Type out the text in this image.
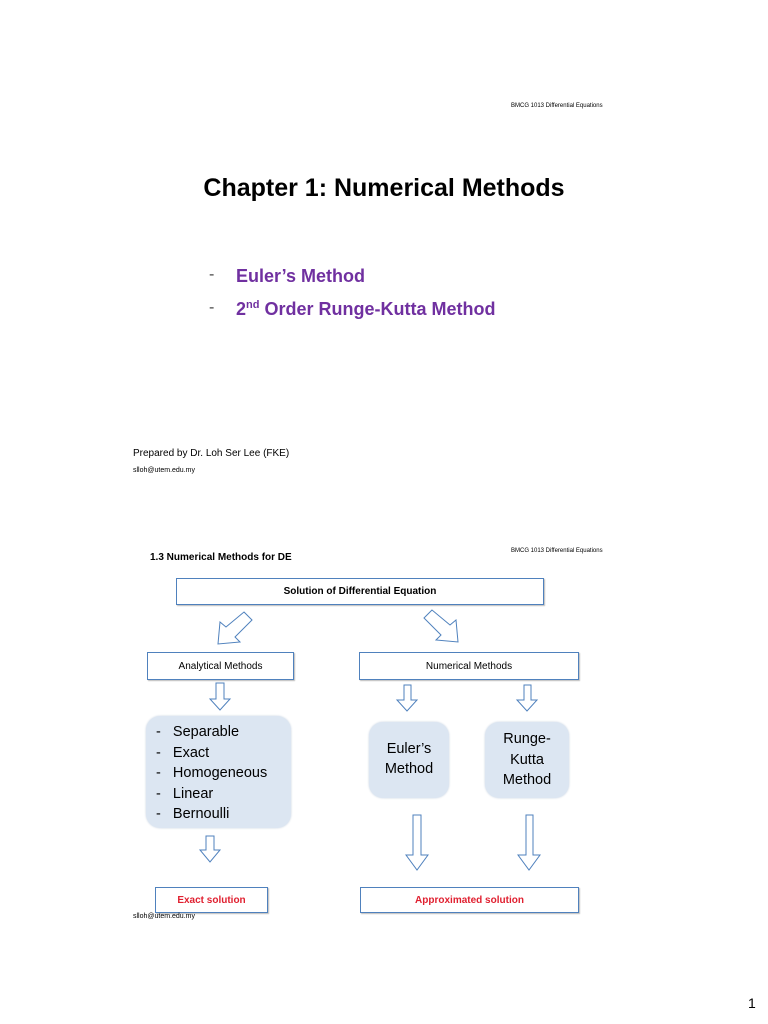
BMCG 1013 Differential Equations
Chapter 1: Numerical Methods
- Euler’s Method
- 2nd Order Runge-Kutta Method
Prepared by Dr. Loh Ser Lee (FKE)
slloh@utem.edu.my
1.3 Numerical Methods for DE
BMCG 1013 Differential Equations
Solution of Differential Equation
Analytical Methods	Numerical Methods
-   Separable
-   Exact
-   Homogeneous
-   Linear
-   Bernoulli
Euler’s
Method
Runge-
Kutta
Method
Exact solution	Approximated solution
slloh@utem.edu.my
1
